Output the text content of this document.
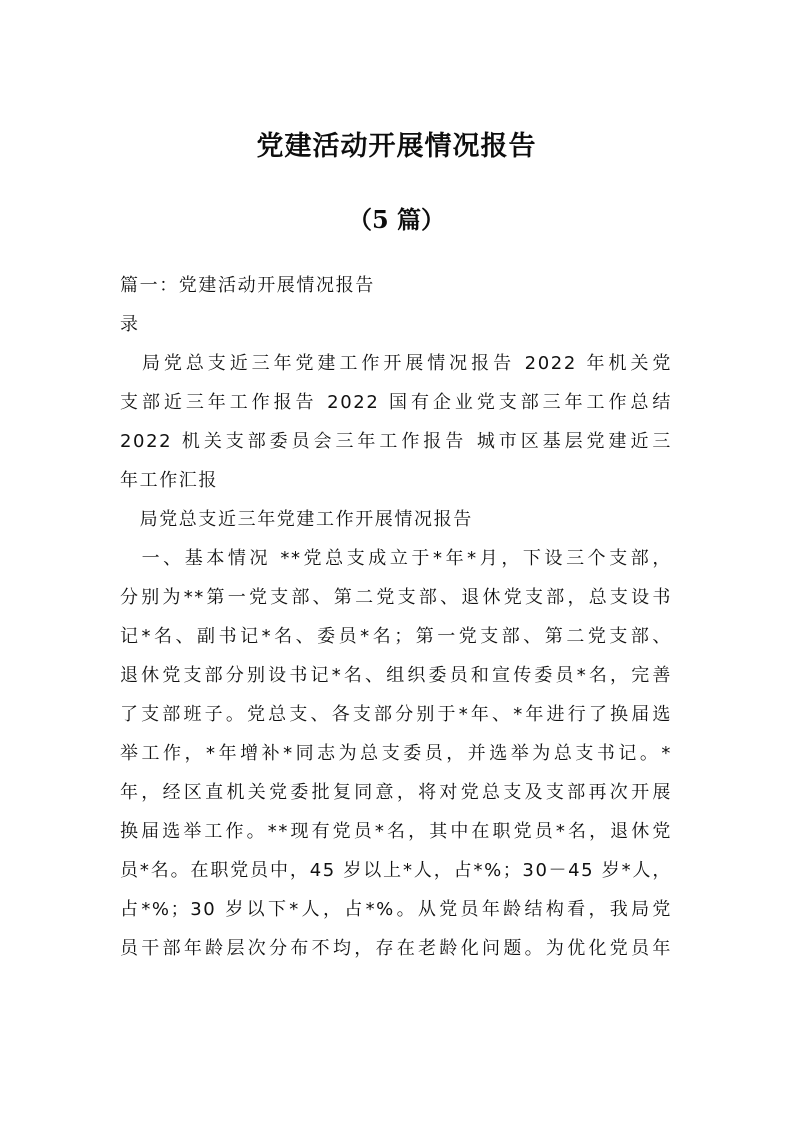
党建活动开展情况报告
（5 篇）
篇一：党建活动开展情况报告
录
　局党总支近三年党建工作开展情况报告 2022 年机关党
支部近三年工作报告 2022 国有企业党支部三年工作总结
2022 机关支部委员会三年工作报告 城市区基层党建近三
年工作汇报
　局党总支近三年党建工作开展情况报告
　一、基本情况 **党总支成立于*年*月，下设三个支部，
分别为**第一党支部、第二党支部、退休党支部，总支设书
记*名、副书记*名、委员*名；第一党支部、第二党支部、
退休党支部分别设书记*名、组织委员和宣传委员*名，完善
了支部班子。党总支、各支部分别于*年、*年进行了换届选
举工作，*年增补*同志为总支委员，并选举为总支书记。*
年，经区直机关党委批复同意，将对党总支及支部再次开展
换届选举工作。**现有党员*名，其中在职党员*名，退休党
员*名。在职党员中，45 岁以上*人，占*%；30－45 岁*人，
占*%；30 岁以下*人，占*%。从党员年龄结构看，我局党
员干部年龄层次分布不均，存在老龄化问题。为优化党员年
